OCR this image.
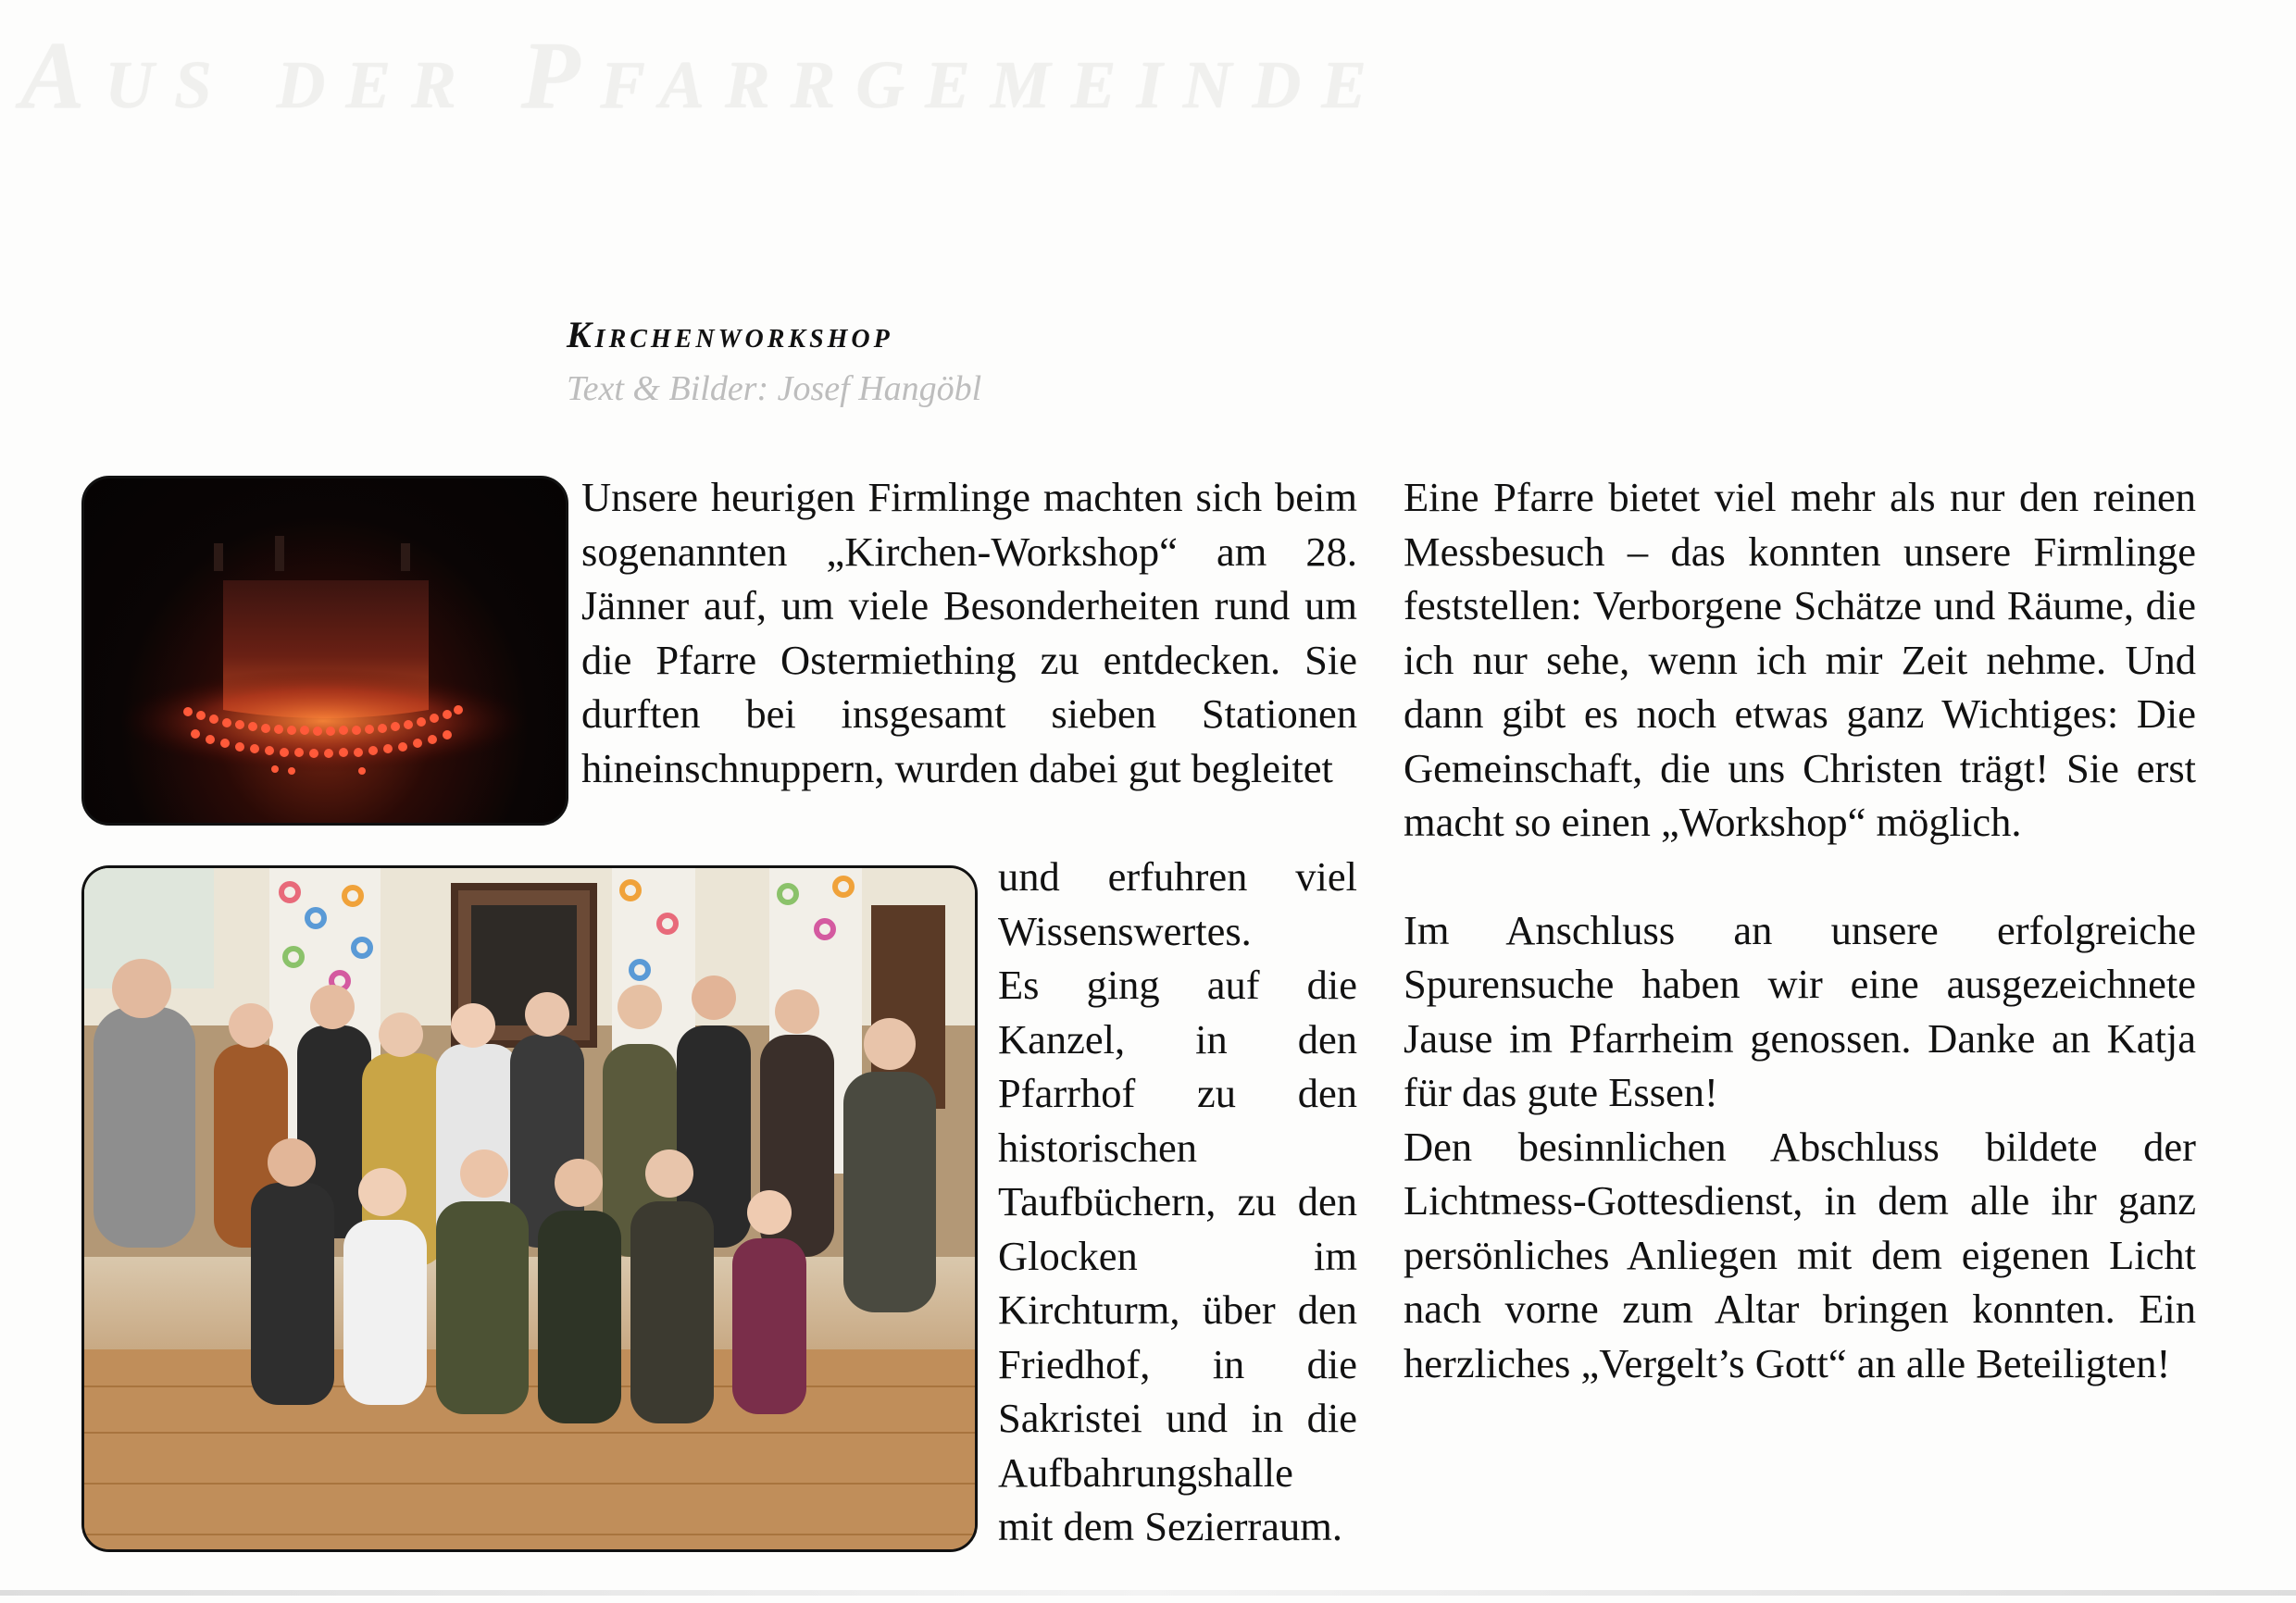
Aus der Pfarrgemeinde
Kirchenworkshop
Text & Bilder: Josef Hangöbl

Unsere heurigen Firmlinge machten sich beim sogenannten „Kirchen-Workshop“ am 28. Jänner auf, um viele Besonderheiten rund um die Pfarre Ostermiething zu entdecken. Sie durften bei insgesamt sieben Stationen hineinschnuppern, wurden dabei gut begleitet

und erfuhren viel Wissenswertes.

Es ging auf die Kanzel, in den Pfarrhof zu den historischen Taufbüchern, zu den Glocken im Kirchturm, über den Friedhof, in die Sakristei und in die Aufbahrungshalle mit dem Sezierraum.

Eine Pfarre bietet viel mehr als nur den reinen Messbesuch – das konnten unsere Firmlinge feststellen: Verborgene Schätze und Räume, die ich nur sehe, wenn ich mir Zeit nehme. Und dann gibt es noch etwas ganz Wichtiges: Die Gemeinschaft, die uns Christen trägt! Sie erst macht so einen „Workshop“ möglich.

Im Anschluss an unsere erfolgreiche Spurensuche haben wir eine ausgezeichnete Jause im Pfarrheim genossen. Danke an Katja für das gute Essen!

Den besinnlichen Abschluss bildete der Lichtmess-Gottesdienst, in dem alle ihr ganz persönliches Anliegen mit dem eigenen Licht nach vorne zum Altar bringen konnten. Ein herzliches „Vergelt’s Gott“ an alle Beteiligten!
